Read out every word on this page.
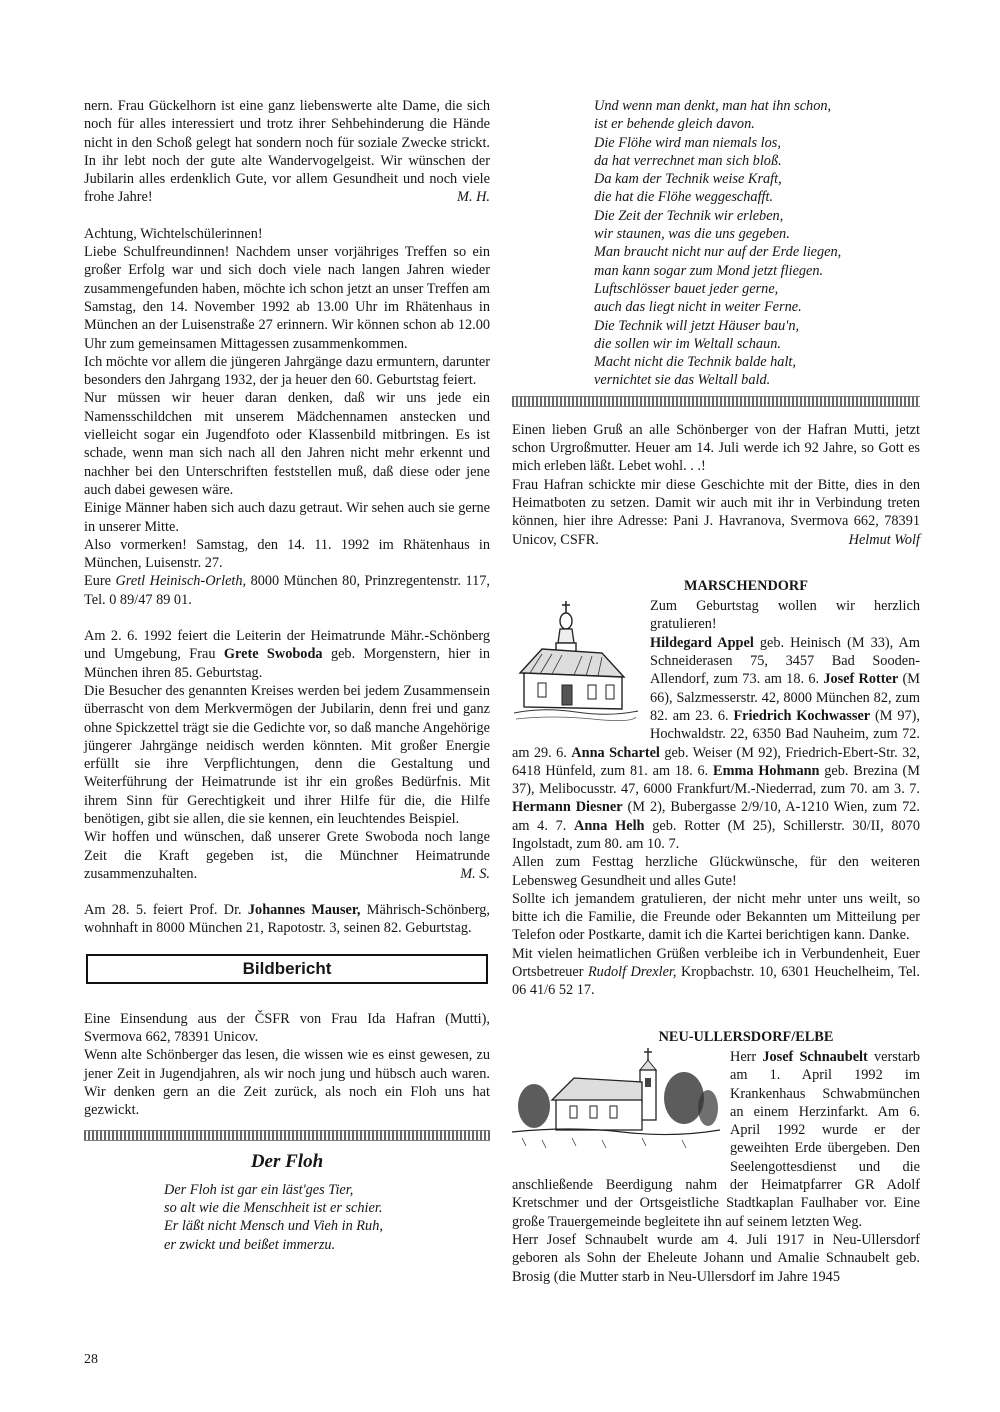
nern. Frau Gückelhorn ist eine ganz liebenswerte alte Dame, die sich noch für alles interessiert und trotz ihrer Sehbehinderung die Hände nicht in den Schoß gelegt hat sondern noch für soziale Zwecke strickt. In ihr lebt noch der gute alte Wandervogelgeist. Wir wünschen der Jubilarin alles erdenklich Gute, vor allem Gesundheit und noch viele frohe Jahre!	M. H.

Achtung, Wichtelschülerinnen!

Liebe Schulfreundinnen! Nachdem unser vorjähriges Treffen so ein großer Erfolg war und sich doch viele nach langen Jahren wieder zusammengefunden haben, möchte ich schon jetzt an unser Treffen am Samstag, den 14. November 1992 ab 13.00 Uhr im Rhätenhaus in München an der Luisenstraße 27 erinnern. Wir können schon ab 12.00 Uhr zum gemeinsamen Mittagessen zusammenkommen.

Ich möchte vor allem die jüngeren Jahrgänge dazu ermuntern, darunter besonders den Jahrgang 1932, der ja heuer den 60. Geburtstag feiert.

Nur müssen wir heuer daran denken, daß wir uns jede ein Namensschildchen mit unserem Mädchennamen anstecken und vielleicht sogar ein Jugendfoto oder Klassenbild mitbringen. Es ist schade, wenn man sich nach all den Jahren nicht mehr erkennt und nachher bei den Unterschriften feststellen muß, daß diese oder jene auch dabei gewesen wäre.

Einige Männer haben sich auch dazu getraut. Wir sehen auch sie gerne in unserer Mitte.

Also vormerken! Samstag, den 14. 11. 1992 im Rhätenhaus in München, Luisenstr. 27.

Eure Gretl Heinisch-Orleth, 8000 München 80, Prinzregentenstr. 117, Tel. 0 89/47 89 01.

Am 2. 6. 1992 feiert die Leiterin der Heimatrunde Mähr.-Schönberg und Umgebung, Frau Grete Swoboda geb. Morgenstern, hier in München ihren 85. Geburtstag.

Die Besucher des genannten Kreises werden bei jedem Zusammensein überrascht von dem Merkvermögen der Jubilarin, denn frei und ganz ohne Spickzettel trägt sie die Gedichte vor, so daß manche Angehörige jüngerer Jahrgänge neidisch werden könnten. Mit großer Energie erfüllt sie ihre Verpflichtungen, denn die Gestaltung und Weiterführung der Heimatrunde ist ihr ein großes Bedürfnis. Mit ihrem Sinn für Gerechtigkeit und ihrer Hilfe für die, die Hilfe benötigen, gibt sie allen, die sie kennen, ein leuchtendes Beispiel.

Wir hoffen und wünschen, daß unserer Grete Swoboda noch lange Zeit die Kraft gegeben ist, die Münchner Heimatrunde zusammenzuhalten.	M. S.

Am 28. 5. feiert Prof. Dr. Johannes Mauser, Mährisch-Schönberg, wohnhaft in 8000 München 21, Rapotostr. 3, seinen 82. Geburtstag.

Bildbericht

Eine Einsendung aus der ČSFR von Frau Ida Hafran (Mutti), Svermova 662, 78391 Unicov.

Wenn alte Schönberger das lesen, die wissen wie es einst gewesen, zu jener Zeit in Jugendjahren, als wir noch jung und hübsch auch waren. Wir denken gern an die Zeit zurück, als noch ein Floh uns hat gezwickt.

Der Floh
Der Floh ist gar ein läst'ges Tier,
so alt wie die Menschheit ist er schier.
Er läßt nicht Mensch und Vieh in Ruh,
er zwickt und beißet immerzu.
Und wenn man denkt, man hat ihn schon,
ist er behende gleich davon.
Die Flöhe wird man niemals los,
da hat verrechnet man sich bloß.
Da kam der Technik weise Kraft,
die hat die Flöhe weggeschafft.
Die Zeit der Technik wir erleben,
wir staunen, was die uns gegeben.
Man braucht nicht nur auf der Erde liegen,
man kann sogar zum Mond jetzt fliegen.
Luftschlösser bauet jeder gerne,
auch das liegt nicht in weiter Ferne.
Die Technik will jetzt Häuser bau'n,
die sollen wir im Weltall schaun.
Macht nicht die Technik balde halt,
vernichtet sie das Weltall bald.

Einen lieben Gruß an alle Schönberger von der Hafran Mutti, jetzt schon Urgroßmutter. Heuer am 14. Juli werde ich 92 Jahre, so Gott es mich erleben läßt. Lebet wohl. . .!

Frau Hafran schickte mir diese Geschichte mit der Bitte, dies in den Heimatboten zu setzen. Damit wir auch mit ihr in Verbindung treten können, hier ihre Adresse: Pani J. Havranova, Svermova 662, 78391 Unicov, CSFR.	Helmut Wolf

MARSCHENDORF

Zum Geburtstag wollen wir herzlich gratulieren!

Hildegard Appel geb. Heinisch (M 33), Am Schneiderasen 75, 3457 Bad Sooden-Allendorf, zum 73. am 18. 6. Josef Rotter (M 66), Salzmesserstr. 42, 8000 München 82, zum 82. am 23. 6. Friedrich Kochwasser (M 97), Hochwaldstr. 22, 6350 Bad Nauheim, zum 72. am 29. 6. Anna Schartel geb. Weiser (M 92), Friedrich-Ebert-Str. 32, 6418 Hünfeld, zum 81. am 18. 6. Emma Hohmann geb. Brezina (M 37), Melibocusstr. 47, 6000 Frankfurt/M.-Niederrad, zum 70. am 3. 7. Hermann Diesner (M 2), Bubergasse 2/9/10, A-1210 Wien, zum 72. am 4. 7. Anna Helh geb. Rotter (M 25), Schillerstr. 30/II, 8070 Ingolstadt, zum 80. am 10. 7.

Allen zum Festtag herzliche Glückwünsche, für den weiteren Lebensweg Gesundheit und alles Gute!

Sollte ich jemandem gratulieren, der nicht mehr unter uns weilt, so bitte ich die Familie, die Freunde oder Bekannten um Mitteilung per Telefon oder Postkarte, damit ich die Kartei berichtigen kann. Danke.

Mit vielen heimatlichen Grüßen verbleibe ich in Verbundenheit, Euer Ortsbetreuer Rudolf Drexler, Kropbachstr. 10, 6301 Heuchelheim, Tel. 06 41/6 52 17.

NEU-ULLERSDORF/ELBE

Herr Josef Schnaubelt verstarb am 1. April 1992 im Krankenhaus Schwabmünchen an einem Herzinfarkt. Am 6. April 1992 wurde er der geweihten Erde übergeben. Den Seelengottesdienst und die anschließende Beerdigung nahm der Heimatpfarrer GR Adolf Kretschmer und der Ortsgeistliche Stadtkaplan Faulhaber vor. Eine große Trauergemeinde begleitete ihn auf seinem letzten Weg.

Herr Josef Schnaubelt wurde am 4. Juli 1917 in Neu-Ullersdorf geboren als Sohn der Eheleute Johann und Amalie Schnaubelt geb. Brosig (die Mutter starb in Neu-Ullersdorf im Jahre 1945

28
